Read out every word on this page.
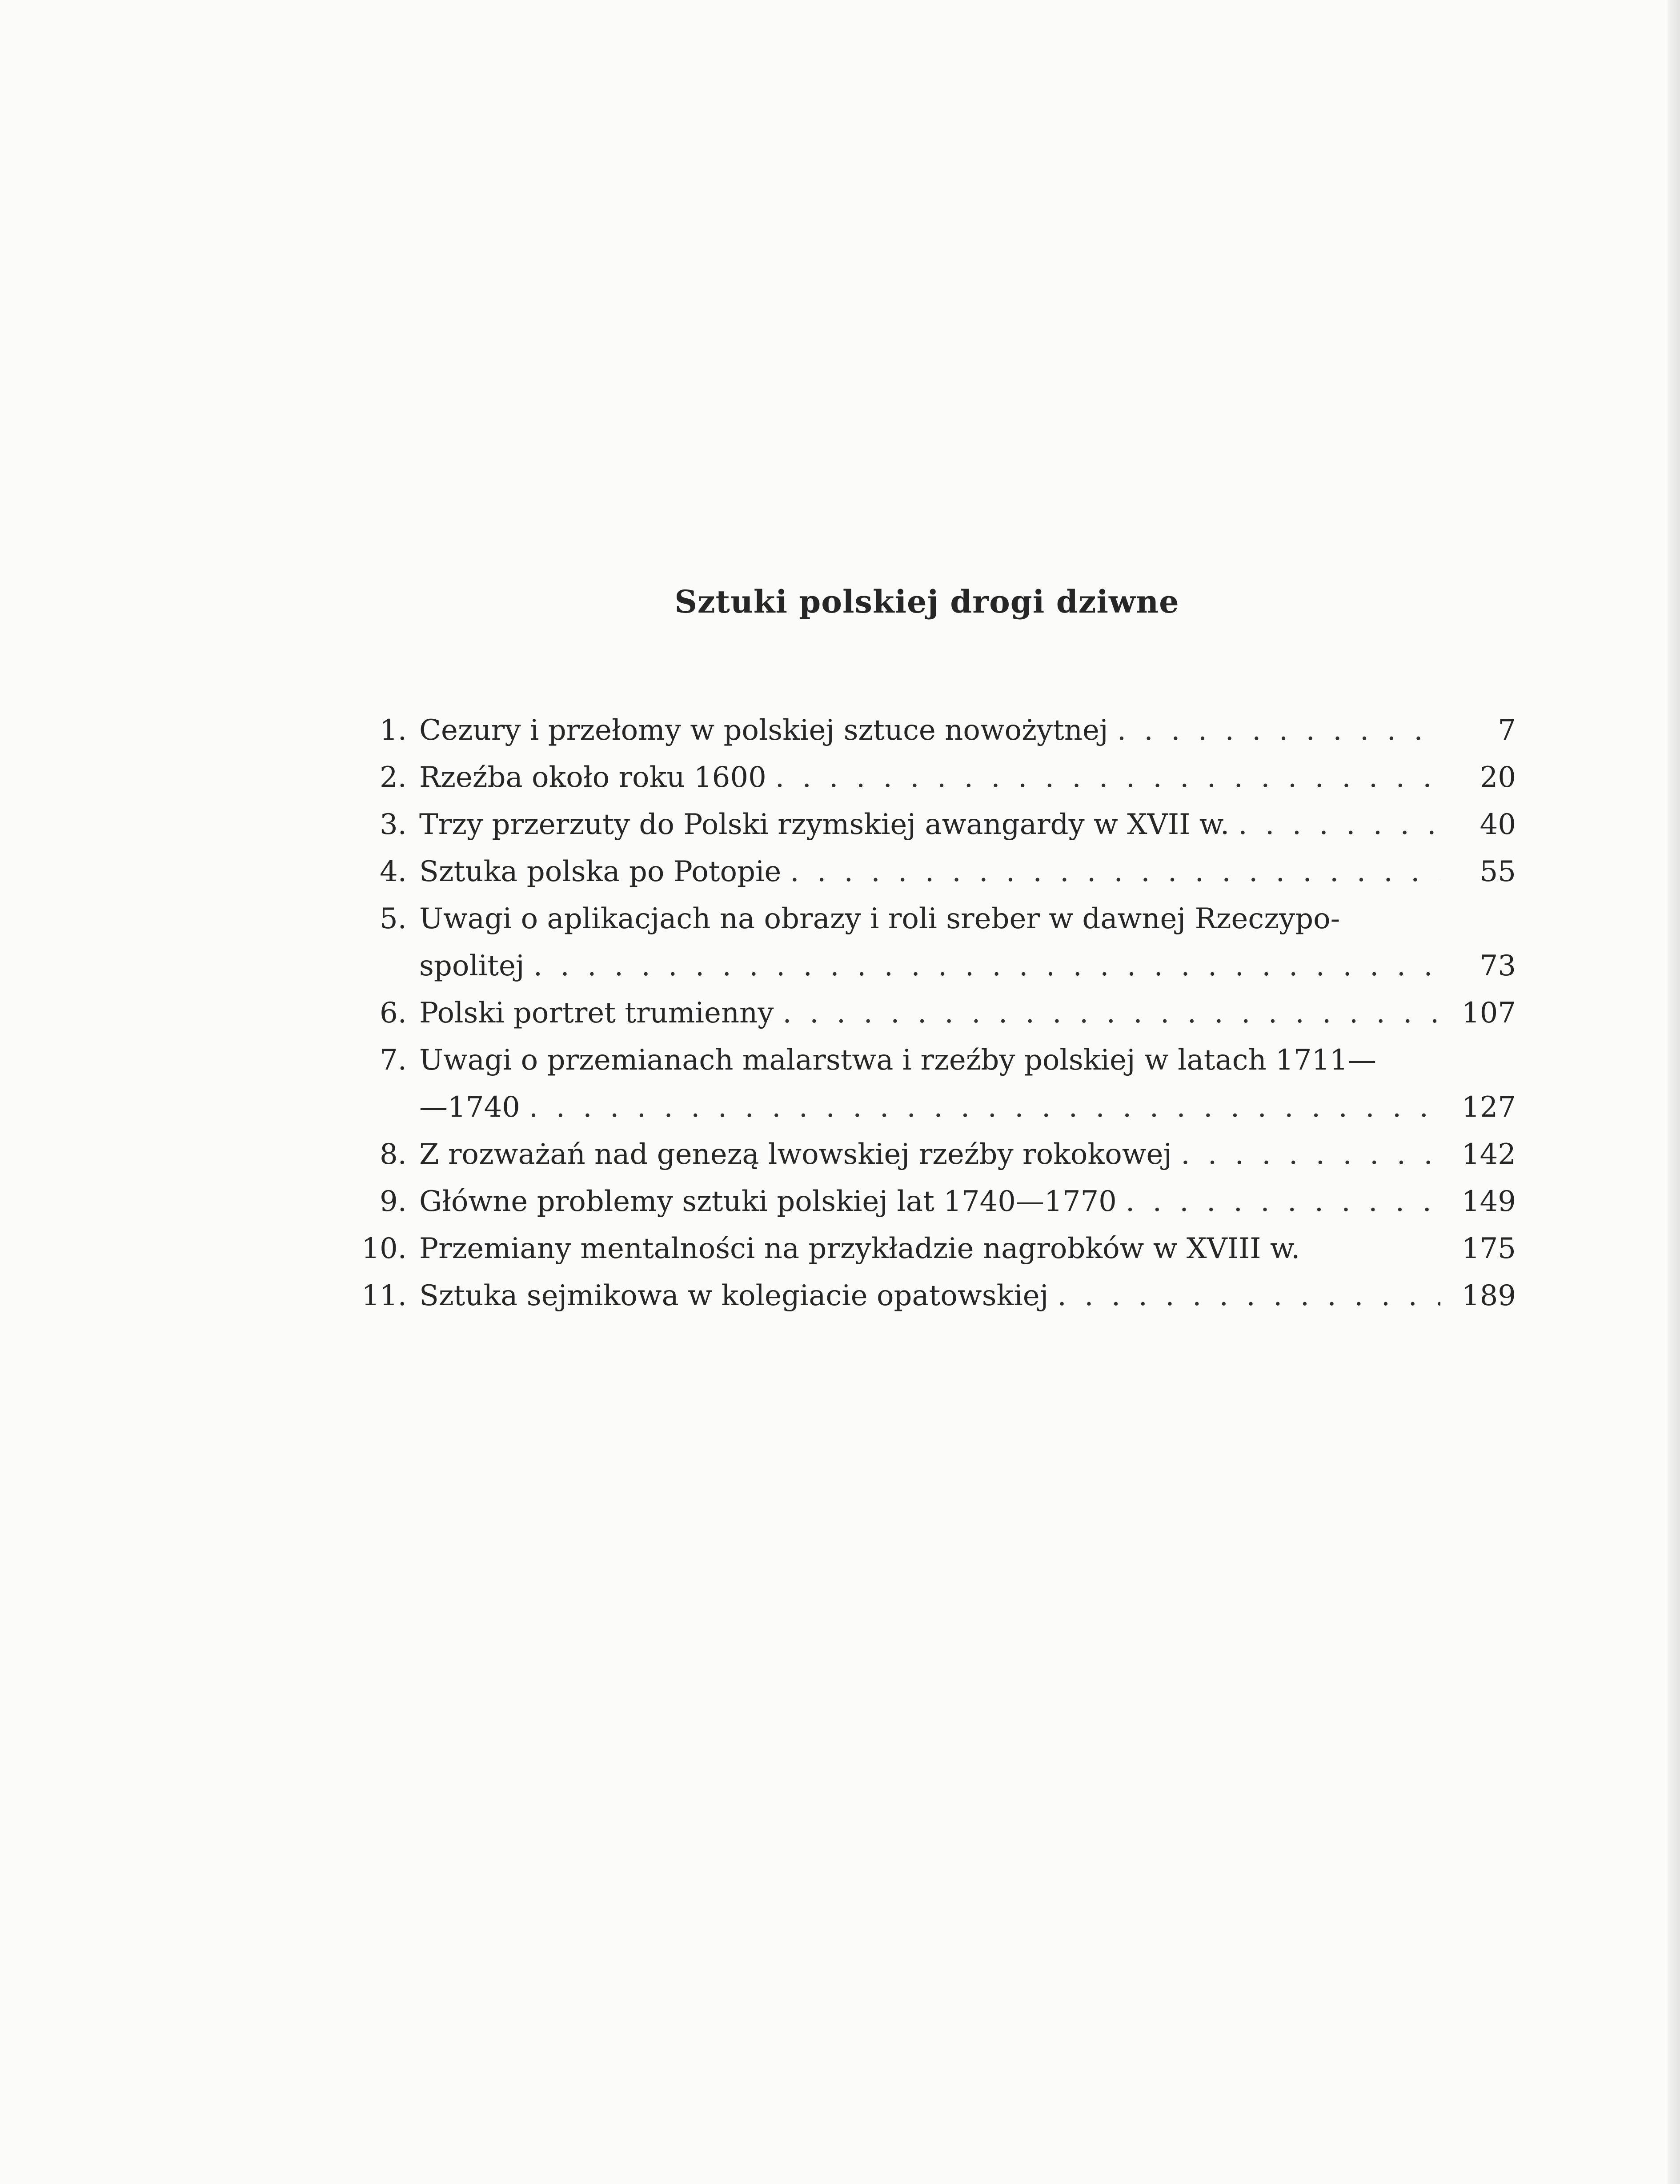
Sztuki polskiej drogi dziwne
1. Cezury i przełomy w polskiej sztuce nowożytnej . . .	7
2. Rzeźba około roku 1600 . . .	20
3. Trzy przerzuty do Polski rzymskiej awangardy w XVII w. . . .	40
4. Sztuka polska po Potopie . . .	55
5. Uwagi o aplikacjach na obrazy i roli sreber w dawnej Rzeczypo-
spolitej . . .	73
6. Polski portret trumienny . . .	107
7. Uwagi o przemianach malarstwa i rzeźby polskiej w latach 1711—
—1740 . . .	127
8. Z rozważań nad genezą lwowskiej rzeźby rokokowej . . .	142
9. Główne problemy sztuki polskiej lat 1740—1770 . . .	149
10. Przemiany mentalności na przykładzie nagrobków w XVIII w.	175
11. Sztuka sejmikowa w kolegiacie opatowskiej . . .	189
